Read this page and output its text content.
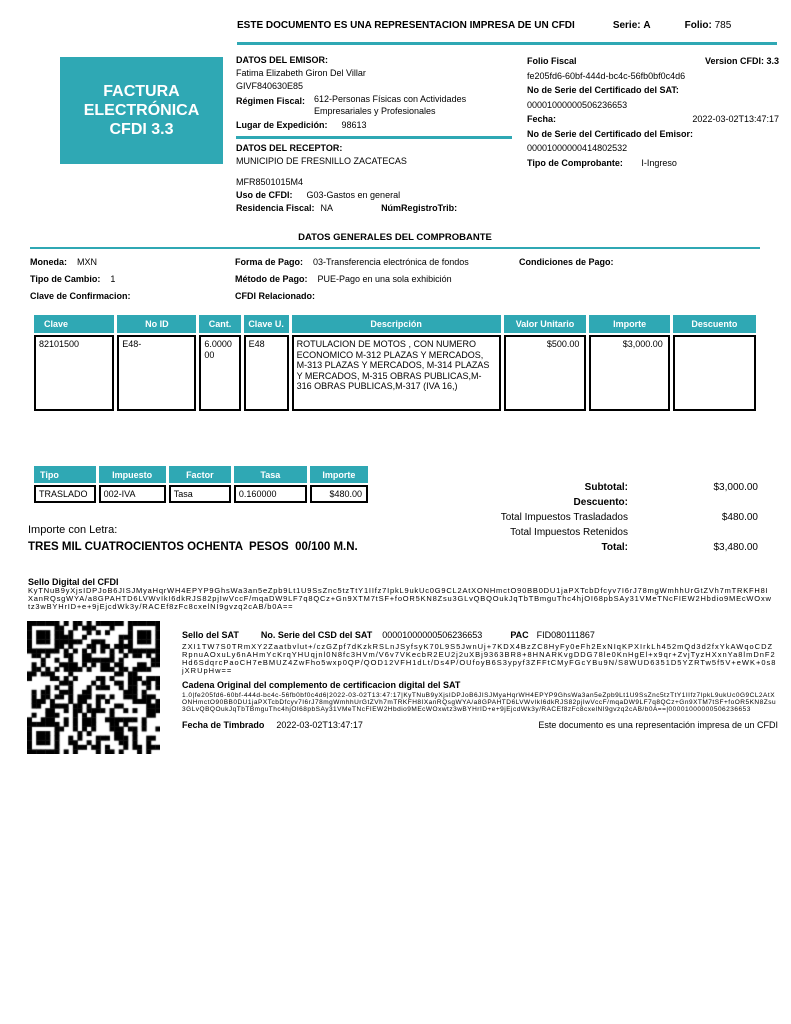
ESTE DOCUMENTO ES UNA REPRESENTACION IMPRESA DE UN CFDI	Serie: A	Folio: 785
FACTURA
ELECTRÓNICA
CFDI 3.3
DATOS DEL EMISOR:
Fatima Elizabeth Giron Del Villar
GIVF840630E85
Régimen Fiscal: 612-Personas Físicas con Actividades Empresariales y Profesionales
Lugar de Expedición: 98613
DATOS DEL RECEPTOR:
MUNICIPIO DE FRESNILLO ZACATECAS
MFR8501015M4
Uso de CFDI: G03-Gastos en general
Residencia Fiscal: NA	NúmRegistroTrib:
Folio Fiscal	Version CFDI: 3.3
fe205fd6-60bf-444d-bc4c-56fb0bf0c4d6
No de Serie del Certificado del SAT:
00001000000506236653
Fecha:	2022-03-02T13:47:17
No de Serie del Certificado del Emisor:
00001000000414802532
Tipo de Comprobante: I-Ingreso
DATOS GENERALES DEL COMPROBANTE
Moneda: MXN	Forma de Pago: 03-Transferencia electrónica de fondos	Condiciones de Pago:
Tipo de Cambio: 1	Método de Pago: PUE-Pago en una sola exhibición
Clave de Confirmacion:	CFDI Relacionado:
Clave	No ID	Cant.	Clave U.	Descripción	Valor Unitario	Importe	Descuento
82101500	E48-	6.000000	E48	ROTULACION DE MOTOS , CON NUMERO ECONOMICO M-312 PLAZAS Y MERCADOS, M-313 PLAZAS Y MERCADOS, M-314 PLAZAS Y MERCADOS, M-315 OBRAS PUBLICAS,M-316 OBRAS PUBLICAS,M-317 (IVA 16,)	$500.00	$3,000.00	
Tipo	Impuesto	Factor	Tasa	Importe
TRASLADO	002-IVA	Tasa	0.160000	$480.00
Subtotal:	$3,000.00
Descuento:
Total Impuestos Trasladados	$480.00
Total Impuestos Retenidos
Total:	$3,480.00
Importe con Letra:
TRES MIL CUATROCIENTOS OCHENTA  PESOS  00/100 M.N.
Sello Digital del CFDI
KyTNuB9yXjsIDPJoB6JISJMyaHqrWH4EPYP9GhsWa3an5eZpb9Lt1U9SsZnc5tzTtY1IIfz7IpkL9ukUc0G9CL2AtXONHmctO90BB0DU1jaPXTcbDfcyv7I6rJ78mgWmhhUrGtZVh7mTRKFH8IXanRQsgWYA/a8GPAHTD6LVWvIkI6dkRJS82pjIwVccF/mqaDW9LF7q8QCz+Gn9XTM7tSF+foOR5KN8Zsu3GLvQBQOukJqTbTBmguThc4hjOI68pbSAy31VMeTNcFIEW2Hbdio9MEcWOxwtz3wBYHrID+e+9jEjcdWk3y/RACEf8zFc8cxelNI9gvzq2cAB/b0A==
Sello del SAT No. Serie del CSD del SAT 00001000000506236653	PAC FID080111867
ZXI1TW7S0TRmXY2Zaatbvlut+/czGZpf7dKzkRSLnJSyfsyK70L9S5JwnUj+7KDX4BzZC8HyFy0eFh2ExNIqKPXIrkLh452mQd3d2fxYkAWqoCDZRpnuAOxuLy6nAHmYcKrqYHUqjnl0N8fc3HVm/V6v7VKecbR2EU2j2uXBj9363BR8+8HNARKvgDDG78le0KnHgEl+x9qr+ZvjTyzHXxnYa8lmDnF2Hd6SdqrcPaoCH7eBMUZ4ZwFho5wxp0QP/QOD12VFH1dLt/Ds4P/OUfoyB6S3ypyf3ZFFtCMyFGcYBu9N/S8WUD6351D5YZRTw5f5V+eWK+0s8jXRUpHw==
Cadena Original del complemento de certificacion digital del SAT
1.0|fe205fd6-60bf-444d-bc4c-56fb0bf0c4d6|2022-03-02T13:47:17|KyTNuB9yXjsIDPJoB6JISJMyaHqrWH4EPYP9GhsWa3an5eZpb9Lt1U9SsZnc5tzTtY1IIfz7IpkL9ukUc0G9CL2AtXONHmctO90BB0DU1jaPXTcbDfcyv7I6rJ78mgWmhhUrGtZVh7mTRKFH8IXanRQsgWYA/a8GPAHTD6LVWvIkI6dkRJS82pjIwVccF/mqaDW9LF7q8QCz+Gn9XTM7tSF+foOR5KN8Zsu3GLvQBQOukJqTbTBmguThc4hjOI68pbSAy31VMeTNcFIEW2Hbdio9MEcWOxwtz3wBYHrID+e+9jEjcdWk3y/RACEf8zFc8cxelNI9gvzq2cAB/b0A==|00001000000506236653
Fecha de Timbrado 2022-03-02T13:47:17	Este documento es una representación impresa de un CFDI
